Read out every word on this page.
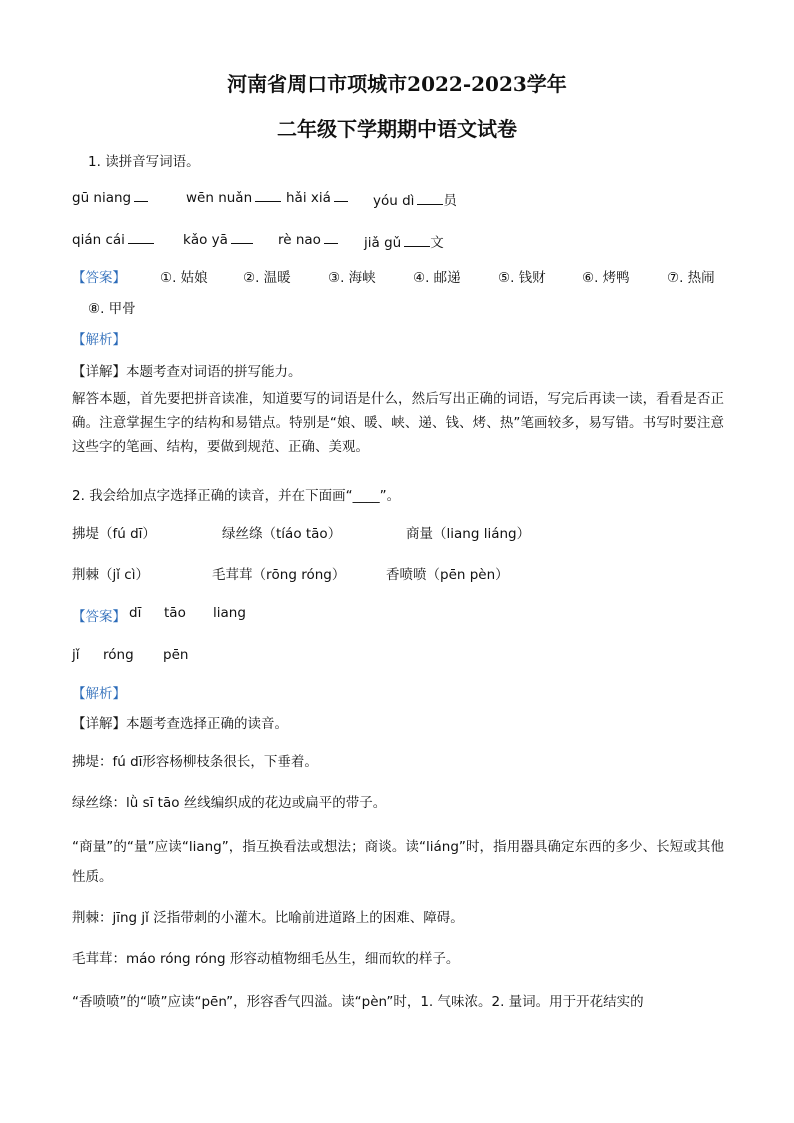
河南省周口市项城市2022-2023学年
二年级下学期期中语文试卷
1. 读拼音写词语。
gū niang	wēn nuǎn	hǎi xiá	yóu dì 员
qián cái	kǎo yā	rè nao	jiǎ gǔ 文
【答案】	①. 姑娘	②. 温暖	③. 海峡	④. 邮递	⑤. 钱财	⑥. 烤鸭	⑦. 热闹
⑧. 甲骨
【解析】
【详解】本题考查对词语的拼写能力。
解答本题，首先要把拼音读准，知道要写的词语是什么，然后写出正确的词语，写完后再读一读，看看是否正确。注意掌握生字的结构和易错点。特别是“娘、暖、峡、递、钱、烤、热”笔画较多，易写错。书写时要注意这些字的笔画、结构，要做到规范、正确、美观。
2. 我会给加点字选择正确的读音，并在下面画“____”。
拂堤（fú dī）	绿丝绦（tíáo tāo）	商量（liang liáng）
荆棘（jǐ cì）	毛茸茸（rōng róng）	香喷喷（pēn pèn）
【答案】 dī tāo liang
jǐ róng pēn
【解析】
【详解】本题考查选择正确的读音。
拂堤：fú dī形容杨柳枝条很长，下垂着。
绿丝绦：lǜ sī tāo 丝线编织成的花边或扁平的带子。
“商量”的“量”应读“liang”，指互换看法或想法；商谈。读“liáng”时，指用器具确定东西的多少、长短或其他性质。
荆棘：jīng jǐ 泛指带刺的小灌木。比喻前进道路上的困难、障碍。
毛茸茸：máo róng róng 形容动植物细毛丛生，细而软的样子。
“香喷喷”的“喷”应读“pēn”，形容香气四溢。读“pèn”时，1. 气味浓。2. 量词。用于开花结实的
